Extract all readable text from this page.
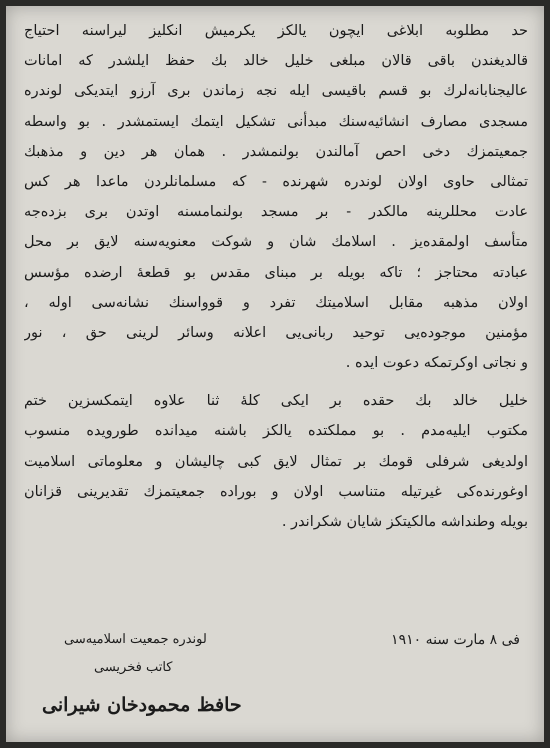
حد مطلوبه ابلاغی ایچون یالکز یکرمیش انکلیز لیراسنه احتیاج

قالدیغندن باقی قالان مبلغی خلیل خالد بك حفظ ایلشدر که امانات

عالیجنابانه‌لرك بو قسم باقیسی ایله نجه زماندن بری آرزو ایتدیكی لوندره

مسجدی مصارف انشائیه‌سنك مبدأنی تشکیل ایتمك ایستمشدر . بو واسطه

جمعیتمزك دخی احص آمالندن بولنمشدر . همان هر دین و مذهبك

تمثالی حاوی اولان لوندره شهرنده - که مسلمانلردن ماعدا هر کس

عادت محللرینه مالكدر - بر مسجد بولنمامسنه اوتدن بری بزده‌جه

متأسف اولمقده‌یز . اسلامك شان و شوكت معنویه‌سنه لایق بر محل

عبادته محتاجز ؛ تاکه بویله بر مبنای مقدس بو قطعهٔ ارضده مؤسس

اولان مذهبه مقابل اسلامیتك تفرد و قوواسنك نشانه‌سی اوله ،

مؤمنین موجوده‌یی توحید ربانی‌یی اعلانه وسائر لرینی حق ، نور

و نجاتی اوکرتمکه دعوت ایده .

خلیل خالد بك حقده بر ایکی کلهٔ ثنا علاوه ایتمکسزین ختم

مکتوب ایلیه‌مدم . بو مملکتده یالکز باشنه میدانده طورویده منسوب

اولدیغی شرفلی قومك بر تمثال لایق کبی چالیشان و معلوماتی اسلامیت

اوغورنده‌کی غیرتیله متناسب اولان و بوراده جمعیتمزك تقدیرینی قزانان

بویله وطنداشه مالکیتکز شایان شکراندر .

فی ۸ مارت سنه ۱۹۱۰
لوندره جمعیت اسلامیه‌سی
کاتب فخریسی
حافظ محمودخان شیرانی
